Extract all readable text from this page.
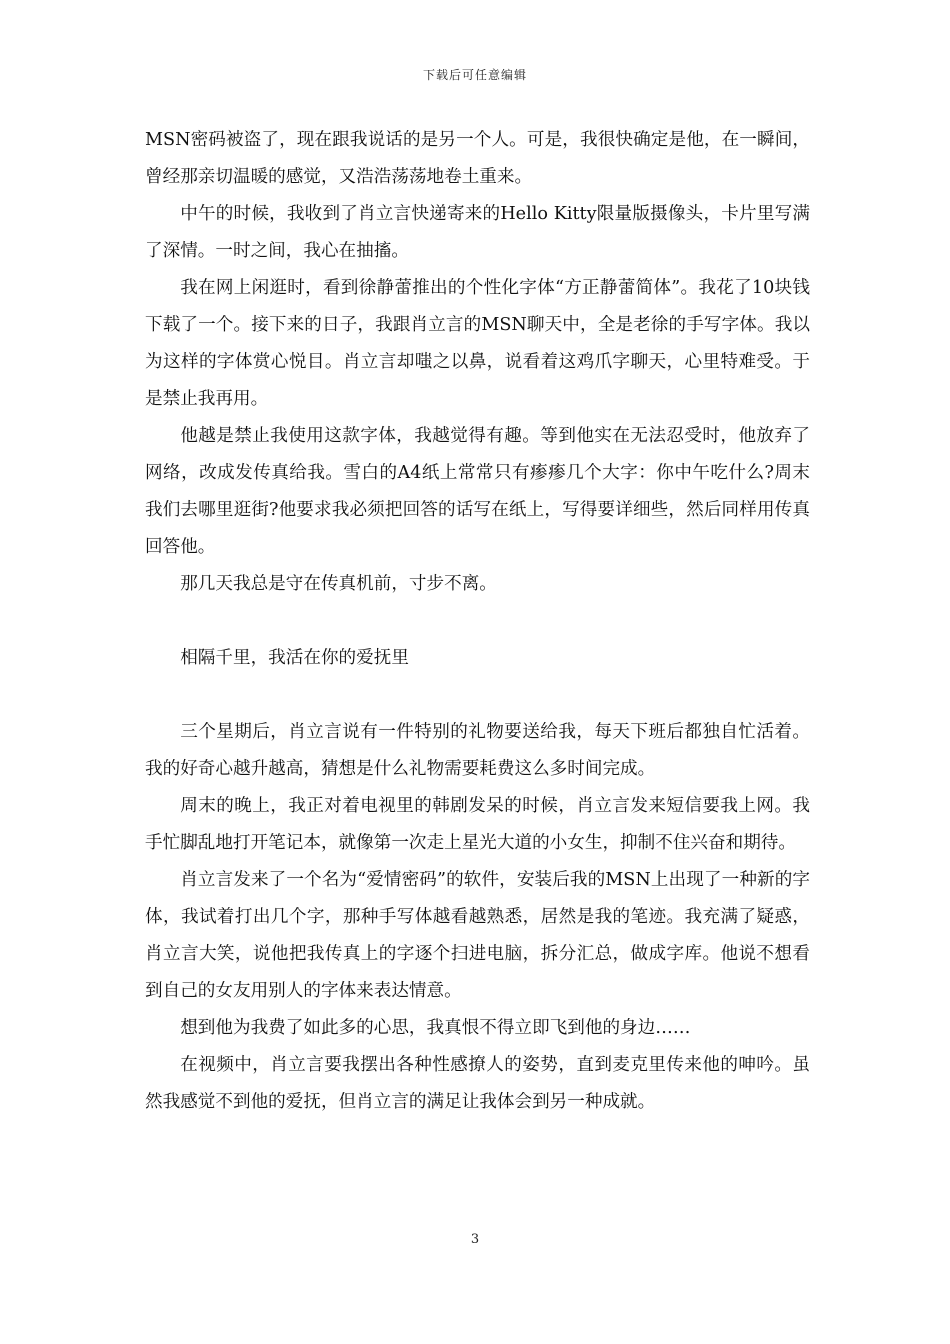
下载后可任意编辑

MSN密码被盗了，现在跟我说话的是另一个人。可是，我很快确定是他，在一瞬间，曾经那亲切温暖的感觉，又浩浩荡荡地卷土重来。

中午的时候，我收到了肖立言快递寄来的Hello Kitty限量版摄像头，卡片里写满了深情。一时之间，我心在抽搐。

我在网上闲逛时，看到徐静蕾推出的个性化字体“方正静蕾简体”。我花了10块钱下载了一个。接下来的日子，我跟肖立言的MSN聊天中，全是老徐的手写字体。我以为这样的字体赏心悦目。肖立言却嗤之以鼻，说看着这鸡爪字聊天，心里特难受。于是禁止我再用。

他越是禁止我使用这款字体，我越觉得有趣。等到他实在无法忍受时，他放弃了网络，改成发传真给我。雪白的A4纸上常常只有瘆瘆几个大字：你中午吃什么?周末我们去哪里逛街?他要求我必须把回答的话写在纸上，写得要详细些，然后同样用传真回答他。

那几天我总是守在传真机前，寸步不离。

相隔千里，我活在你的爱抚里

三个星期后，肖立言说有一件特别的礼物要送给我，每天下班后都独自忙活着。我的好奇心越升越高，猜想是什么礼物需要耗费这么多时间完成。

周末的晚上，我正对着电视里的韩剧发呆的时候，肖立言发来短信要我上网。我手忙脚乱地打开笔记本，就像第一次走上星光大道的小女生，抑制不住兴奋和期待。

肖立言发来了一个名为“爱情密码”的软件，安装后我的MSN上出现了一种新的字体，我试着打出几个字，那种手写体越看越熟悉，居然是我的笔迹。我充满了疑惑，肖立言大笑，说他把我传真上的字逐个扫进电脑，拆分汇总，做成字库。他说不想看到自己的女友用别人的字体来表达情意。

想到他为我费了如此多的心思，我真恨不得立即飞到他的身边……

在视频中，肖立言要我摆出各种性感撩人的姿势，直到麦克里传来他的呻吟。虽然我感觉不到他的爱抚，但肖立言的满足让我体会到另一种成就。

3
